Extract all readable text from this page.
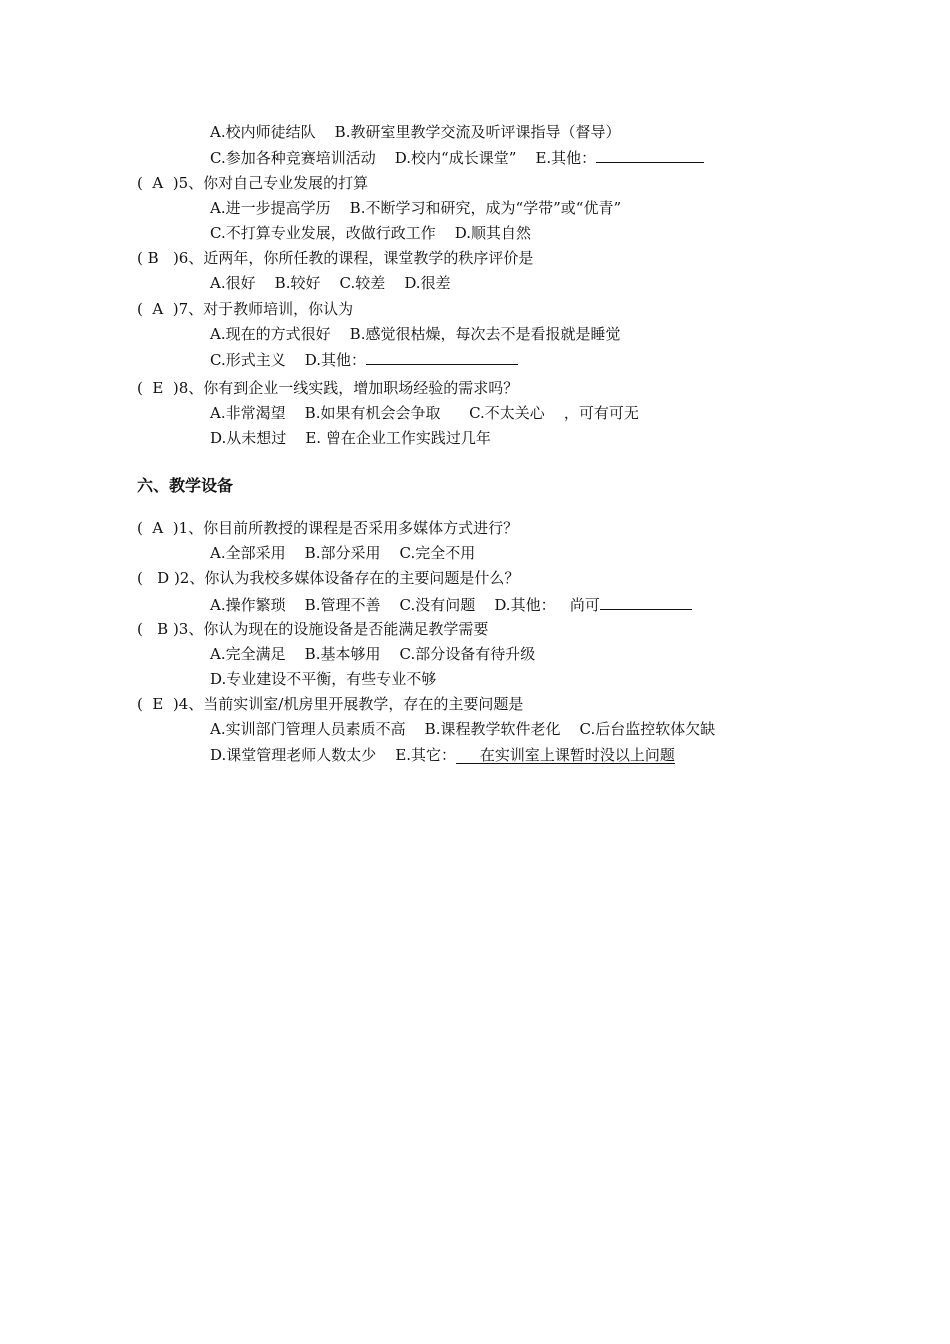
A.校内师徒结队    B.教研室里教学交流及听评课指导（督导）
C.参加各种竞赛培训活动    D.校内“成长课堂”    E.其他：
(  A  )5、你对自己专业发展的打算
A.进一步提高学历    B.不断学习和研究，成为“学带”或“优青”
C.不打算专业发展，改做行政工作    D.顺其自然
( B   )6、近两年，你所任教的课程，课堂教学的秩序评价是
A.很好    B.较好    C.较差    D.很差
(  A  )7、对于教师培训，你认为
A.现在的方式很好    B.感觉很枯燥，每次去不是看报就是睡觉
C.形式主义    D.其他：
(  E  )8、你有到企业一线实践，增加职场经验的需求吗？
A.非常渴望    B.如果有机会会争取      C.不太关心    ，可有可无
D.从未想过    E. 曾在企业工作实践过几年
六、教学设备
(  A  )1、你目前所教授的课程是否采用多媒体方式进行？
A.全部采用    B.部分采用    C.完全不用
(   D )2、你认为我校多媒体设备存在的主要问题是什么？
A.操作繁琐    B.管理不善    C.没有问题    D.其他：   尚可
(   B )3、你认为现在的设施设备是否能满足教学需要
A.完全满足    B.基本够用    C.部分设备有待升级
D.专业建设不平衡，有些专业不够
(  E  )4、当前实训室/机房里开展教学，存在的主要问题是
A.实训部门管理人员素质不高    B.课程教学软件老化    C.后台监控软体欠缺
D.课堂管理老师人数太少    E.其它：     在实训室上课暂时没以上问题
